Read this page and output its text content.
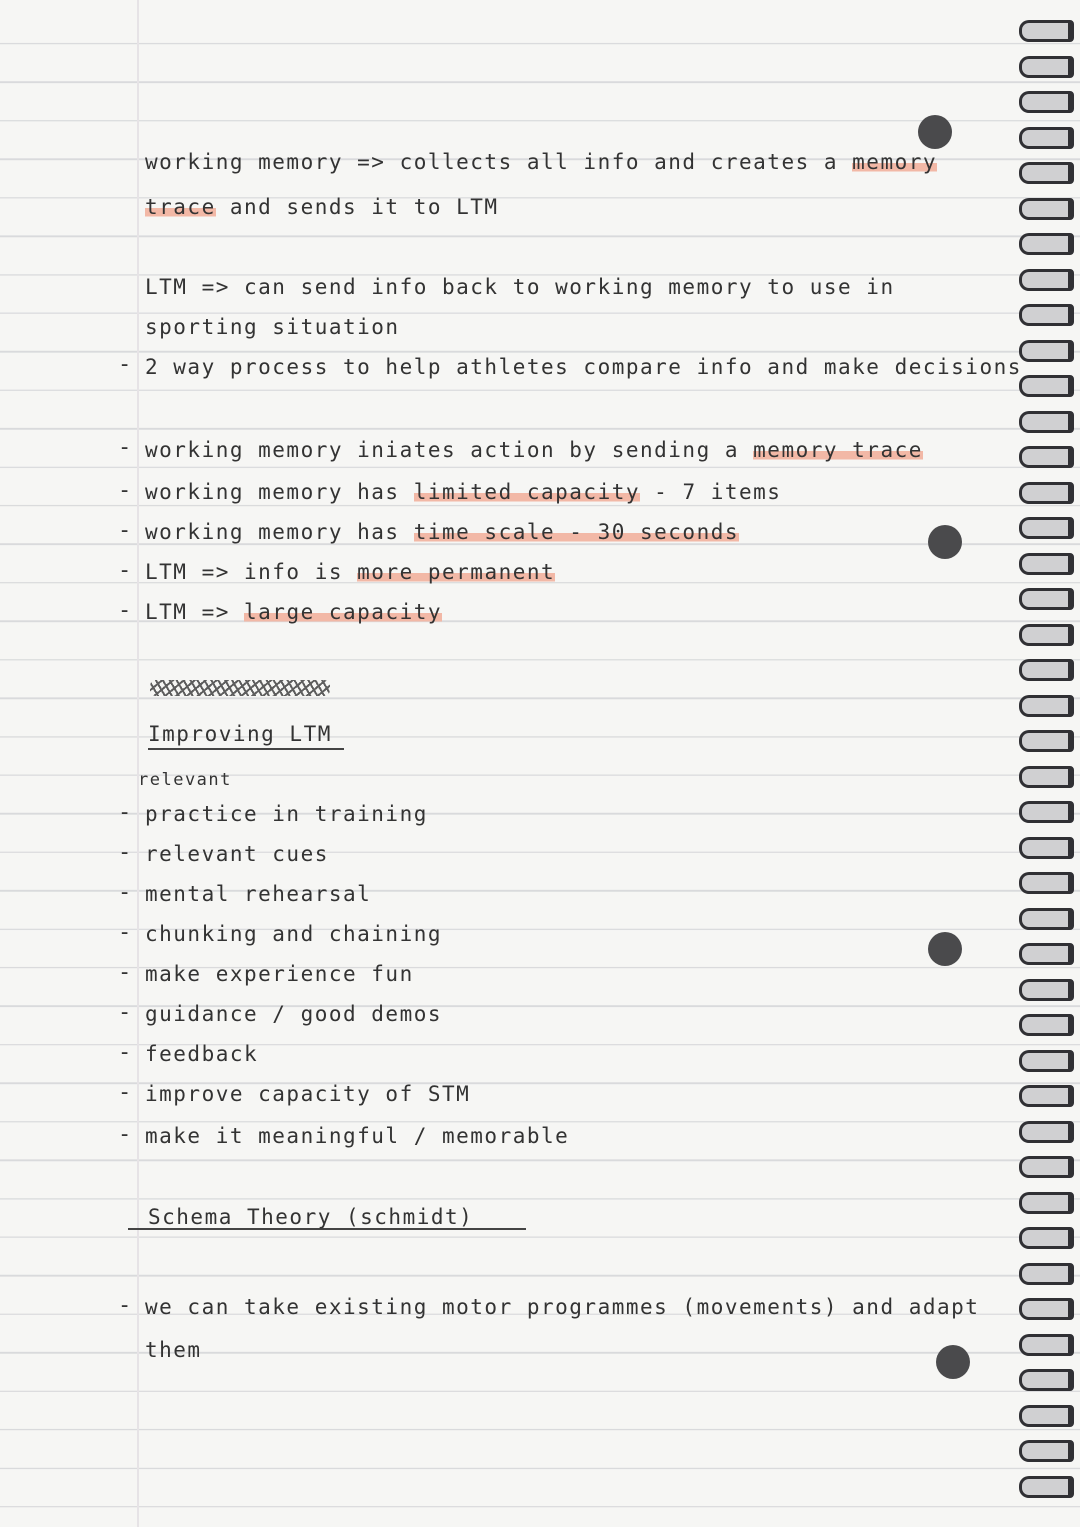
working memory => collects all info and creates a memory
trace and sends it to LTM
LTM => can send info back to working memory to use in
sporting situation
- 2 way process to help athletes compare info and make decisions
- working memory iniates action by sending a memory trace
- working memory has limited capacity - 7 items
- working memory has time scale - 30 seconds
- LTM => info is more permanent
- LTM => large capacity
Improving LTM
relevant
- practice in training
- relevant cues
- mental rehearsal
- chunking and chaining
- make experience fun
- guidance / good demos
- feedback
- improve capacity of STM
- make it meaningful / memorable
Schema Theory (schmidt)
- we can take existing motor programmes (movements) and adapt
them
